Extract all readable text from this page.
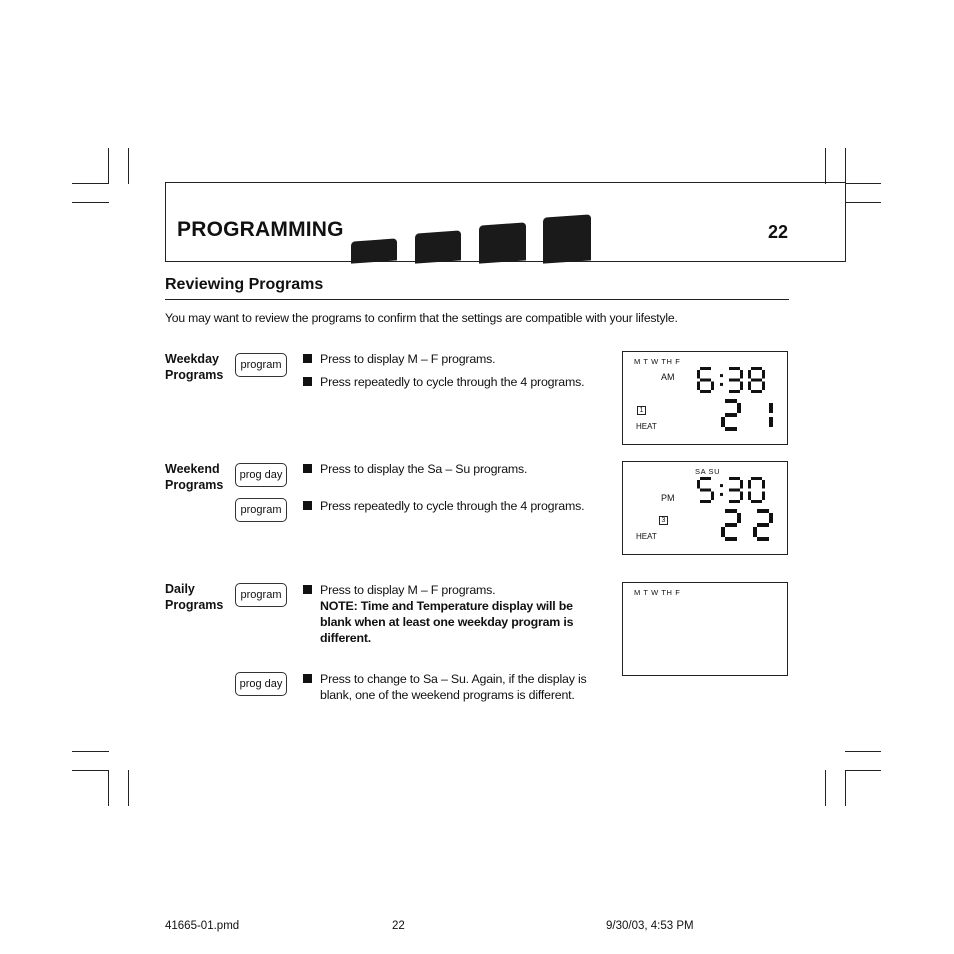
PROGRAMMING	22
Reviewing Programs
You may want to review the programs to confirm that the settings are compatible with your lifestyle.
Weekday
Programs
program	Press to display M – F programs.
Press repeatedly to cycle through the 4 programs.
M T W TH F
AM
1
HEAT
Weekend
Programs
prog day
program
Press to display the Sa – Su programs.
Press repeatedly to cycle through the 4 programs.
SA SU
PM
3
HEAT
Daily
Programs
program
prog day
Press to display M – F programs.
NOTE: Time and Temperature display will be blank when at least one weekday program is different.
Press to change to Sa – Su. Again, if the display is blank, one of the weekend programs is different.
M T W TH F
41665-01.pmd	22	9/30/03, 4:53 PM
